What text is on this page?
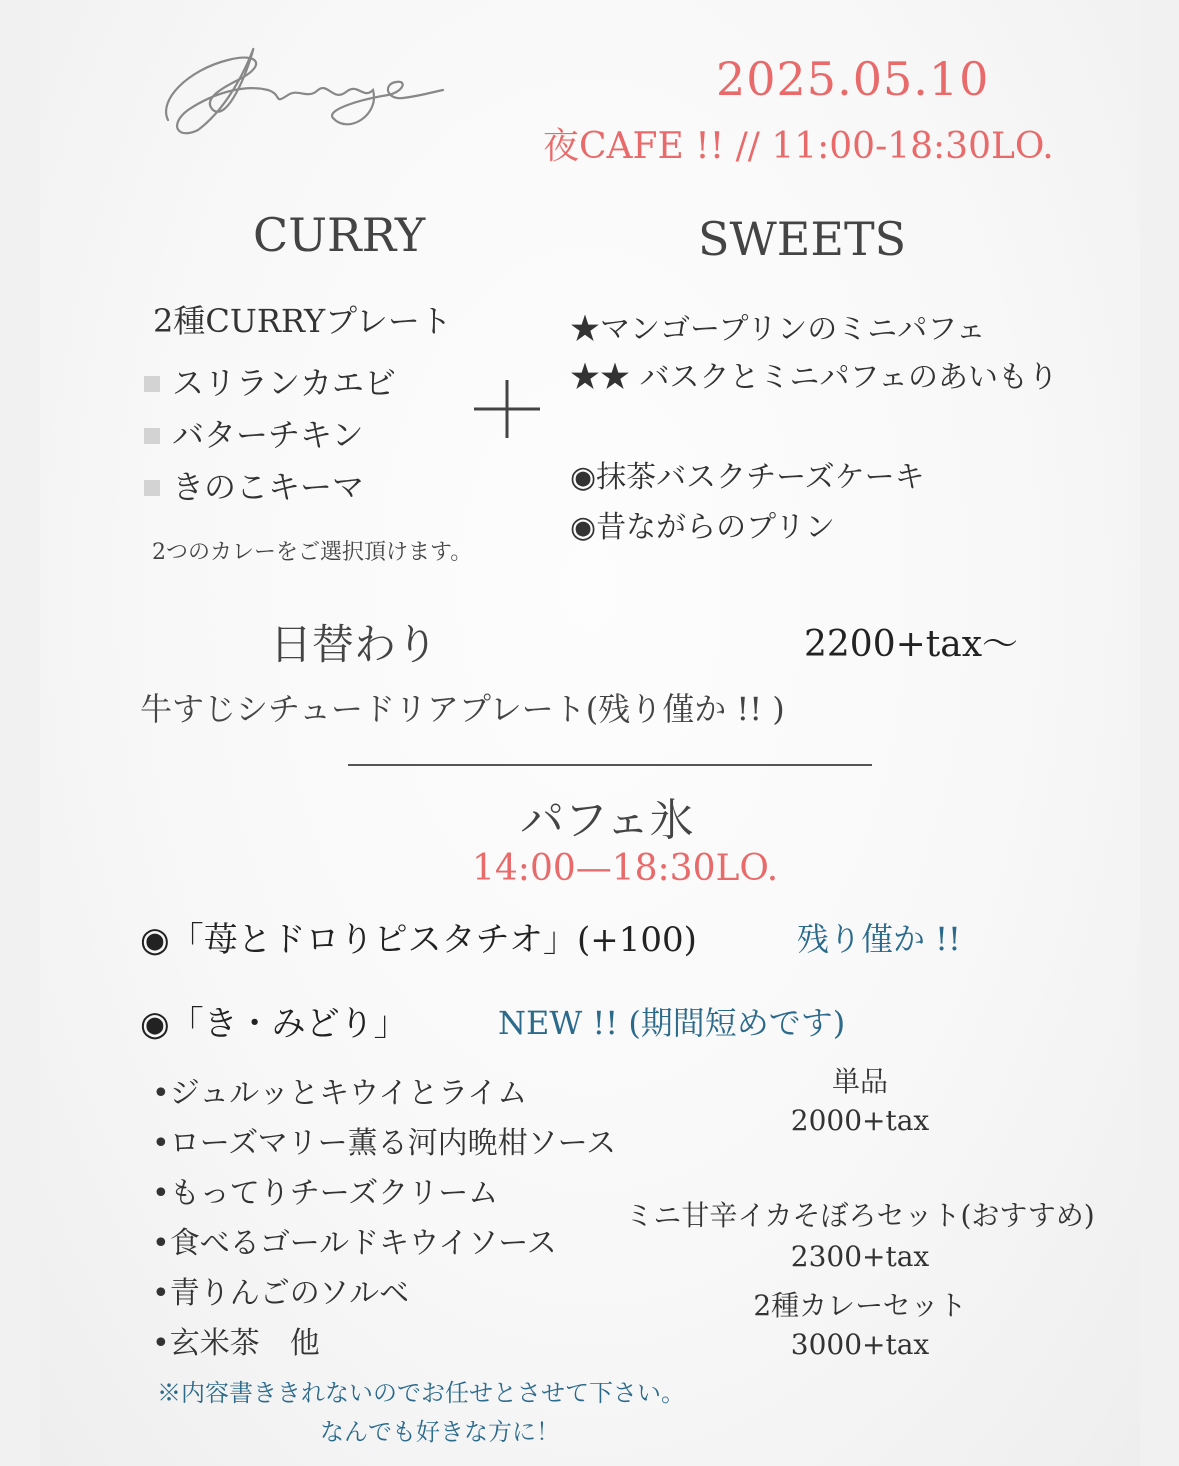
2025.05.10
夜CAFE !! // 11:00-18:30LO.
CURRY	SWEETS
2種CURRYプレート
スリランカエビ
バターチキン
きのこキーマ
2つのカレーをご選択頂けます。
★マンゴープリンのミニパフェ
★★ バスクとミニパフェのあいもり
◉抹茶バスクチーズケーキ
◉昔ながらのプリン
日替わり	2200+tax〜
牛すじシチュードリアプレート(残り僅か !! )
パフェ氷
14:00—18:30LO.
◉「苺とドロりピスタチオ」(+100)	残り僅か !!
◉「き・みどり」	NEW !! (期間短めです)
•ジュルッとキウイとライム
•ローズマリー薫る河内晩柑ソース
•もってりチーズクリーム
•食べるゴールドキウイソース
•青りんごのソルベ
•玄米茶　他
単品
2000+tax
ミニ甘辛イカそぼろセット(おすすめ)
2300+tax
2種カレーセット
3000+tax
※内容書ききれないのでお任せとさせて下さい。
なんでも好きな方に！
